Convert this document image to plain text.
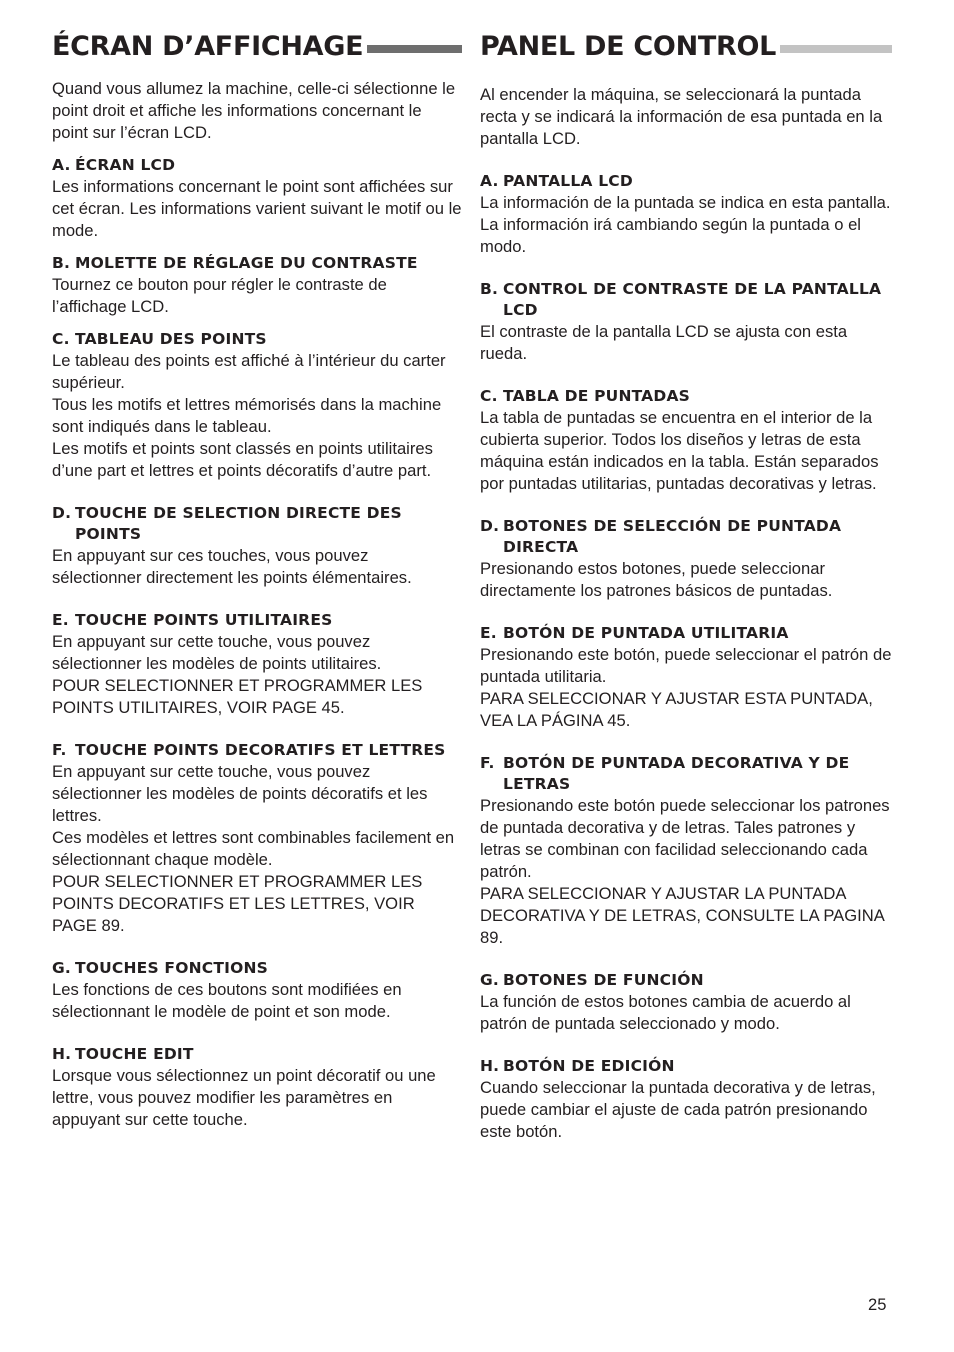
ÉCRAN D’AFFICHAGE

Quand vous allumez la machine, celle-ci sélectionne le point droit et affiche les informations concernant le point sur l’écran LCD.

A. ÉCRAN LCD

Les informations concernant le point sont affichées sur cet écran. Les informations varient suivant le motif ou le mode.

B. MOLETTE DE RÉGLAGE DU CONTRASTE

Tournez ce bouton pour régler le contraste de l’affichage LCD.

C. TABLEAU DES POINTS

Le tableau des points est affiché à l’intérieur du carter supérieur.
Tous les motifs et lettres mémorisés dans la machine sont indiqués dans le tableau.
Les motifs et points sont classés en points utilitaires d’une part et lettres et points décoratifs d’autre part.

D. TOUCHE DE SELECTION DIRECTE DES POINTS

En appuyant sur ces touches, vous pouvez sélectionner directement les points élémentaires.

E. TOUCHE POINTS UTILITAIRES

En appuyant sur cette touche, vous pouvez sélectionner les modèles de points utilitaires.
POUR SELECTIONNER ET PROGRAMMER LES POINTS UTILITAIRES, VOIR PAGE 45.

F. TOUCHE POINTS DECORATIFS ET LETTRES

En appuyant sur cette touche, vous pouvez sélectionner les modèles de points décoratifs et les lettres.
Ces modèles et lettres sont combinables facilement en sélectionnant chaque modèle.
POUR SELECTIONNER ET PROGRAMMER LES POINTS DECORATIFS ET LES LETTRES, VOIR PAGE 89.

G. TOUCHES FONCTIONS

Les fonctions de ces boutons sont modifiées en sélectionnant le modèle de point et son mode.

H. TOUCHE EDIT

Lorsque vous sélectionnez un point décoratif ou une lettre, vous pouvez modifier les paramètres en appuyant sur cette touche.

PANEL DE CONTROL

Al encender la máquina, se seleccionará la puntada recta y se indicará la información de esa puntada en la pantalla LCD.

A. PANTALLA LCD

La información de la puntada se indica en esta pantalla. La información irá cambiando según la puntada o el modo.

B. CONTROL DE CONTRASTE DE LA PANTALLA LCD

El contraste de la pantalla LCD se ajusta con esta rueda.

C. TABLA DE PUNTADAS

La tabla de puntadas se encuentra en el interior de la cubierta superior. Todos los diseños y letras de esta máquina están indicados en la tabla. Están separados por puntadas utilitarias, puntadas decorativas y letras.

D. BOTONES DE SELECCIÓN DE PUNTADA DIRECTA

Presionando estos botones, puede seleccionar directamente los patrones básicos de puntadas.

E. BOTÓN DE PUNTADA UTILITARIA

Presionando este botón, puede seleccionar el patrón de puntada utilitaria.
PARA SELECCIONAR Y AJUSTAR ESTA PUNTADA, VEA LA PÁGINA 45.

F. BOTÓN DE PUNTADA DECORATIVA Y DE LETRAS

Presionando este botón puede seleccionar los patrones de puntada decorativa y de letras. Tales patrones y letras se combinan con facilidad seleccionando cada patrón.
PARA SELECCIONAR Y AJUSTAR LA PUNTADA DECORATIVA Y DE LETRAS, CONSULTE LA PAGINA 89.

G. BOTONES DE FUNCIÓN

La función de estos botones cambia de acuerdo al patrón de puntada seleccionado y modo.

H. BOTÓN DE EDICIÓN

Cuando seleccionar la puntada decorativa y de letras, puede cambiar el ajuste de cada patrón presionando este botón.

25
